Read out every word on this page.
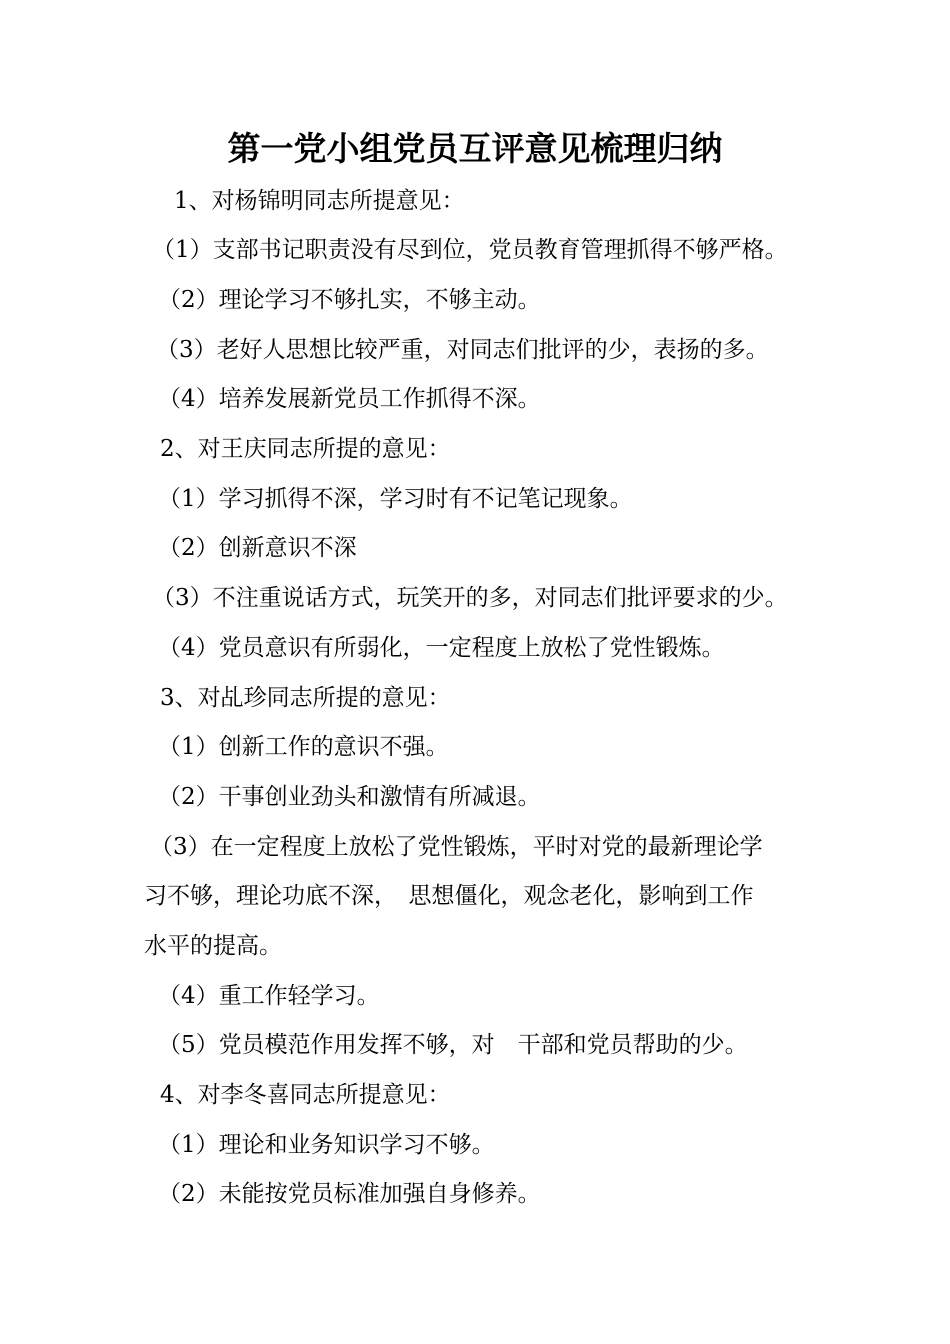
第一党小组党员互评意见梳理归纳
1、对杨锦明同志所提意见：
（1）支部书记职责没有尽到位，党员教育管理抓得不够严格。
（2）理论学习不够扎实，不够主动。
（3）老好人思想比较严重，对同志们批评的少，表扬的多。
（4）培养发展新党员工作抓得不深。
2、对王庆同志所提的意见：
（1）学习抓得不深，学习时有不记笔记现象。
（2）创新意识不深
（3）不注重说话方式，玩笑开的多，对同志们批评要求的少。
（4）党员意识有所弱化，一定程度上放松了党性锻炼。
3、对乩珍同志所提的意见：
（1）创新工作的意识不强。
（2）干事创业劲头和激情有所减退。
（3）在一定程度上放松了党性锻炼，平时对党的最新理论学
习不够，理论功底不深，　思想僵化，观念老化，影响到工作
水平的提高。
（4）重工作轻学习。
（5）党员模范作用发挥不够，对　干部和党员帮助的少。
4、对李冬喜同志所提意见：
（1）理论和业务知识学习不够。
（2）未能按党员标准加强自身修养。
